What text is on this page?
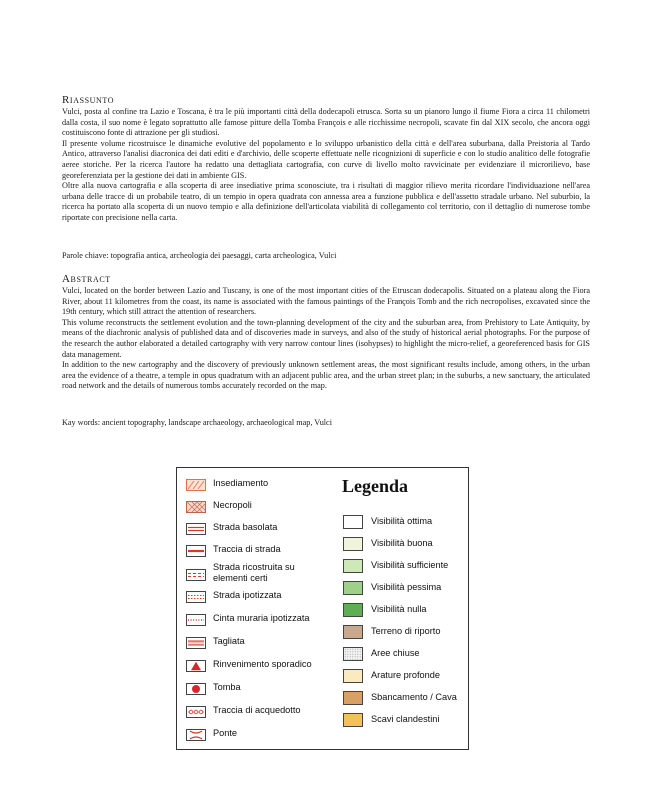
Riassunto

Vulci, posta al confine tra Lazio e Toscana, è tra le più importanti città della dodecapoli etrusca. Sorta su un pianoro lungo il fiume Fiora a circa 11 chilometri dalla costa, il suo nome è legato soprattutto alle famose pitture della Tomba François e alle ricchissime necropoli, scavate fin dal XIX secolo, che ancora oggi costituiscono fonte di attrazione per gli studiosi.

Il presente volume ricostruisce le dinamiche evolutive del popolamento e lo sviluppo urbanistico della città e dell'area suburbana, dalla Preistoria al Tardo Antico, attraverso l'analisi diacronica dei dati editi e d'archivio, delle scoperte effettuate nelle ricognizioni di superficie e con lo studio analitico delle fotografie aeree storiche. Per la ricerca l'autore ha redatto una dettagliata cartografia, con curve di livello molto ravvicinate per evidenziare il microrilievo, base georeferenziata per la gestione dei dati in ambiente GIS.

Oltre alla nuova cartografia e alla scoperta di aree insediative prima sconosciute, tra i risultati di maggior rilievo merita ricordare l'individuazione nell'area urbana delle tracce di un probabile teatro, di un tempio in opera quadrata con annessa area a funzione pubblica e dell'assetto stradale urbano. Nel suburbio, la ricerca ha portato alla scoperta di un nuovo tempio e alla definizione dell'articolata viabilità di collegamento col territorio, con il dettaglio di numerose tombe riportate con precisione nella carta.

Parole chiave: topografia antica, archeologia dei paesaggi, carta archeologica, Vulci

Abstract

Vulci, located on the border between Lazio and Tuscany, is one of the most important cities of the Etruscan dodecapolis. Situated on a plateau along the Fiora River, about 11 kilometres from the coast, its name is associated with the famous paintings of the François Tomb and the rich necropolises, excavated since the 19th century, which still attract the attention of researchers.

This volume reconstructs the settlement evolution and the town-planning development of the city and the suburban area, from Prehistory to Late Antiquity, by means of the diachronic analysis of published data and of discoveries made in surveys, and also of the study of historical aerial photographs. For the purpose of the research the author elaborated a detailed cartography with very narrow contour lines (isohypses) to highlight the micro-relief, a georeferenced basis for GIS data management.

In addition to the new cartography and the discovery of previously unknown settlement areas, the most significant results include, among others, in the urban area the evidence of a theatre, a temple in opus quadratum with an adjacent public area, and the urban street plan; in the suburbs, a new sanctuary, the articulated road network and the details of numerous tombs accurately recorded on the map.

Kay words: ancient topography, landscape archaeology, archaeological map, Vulci

Legenda
Insediamento
Necropoli
Strada basolata
Traccia di strada
Strada ricostruita su elementi certi
Strada ipotizzata
Cinta muraria ipotizzata
Tagliata
Rinvenimento sporadico
Tomba
Traccia di acquedotto
Ponte
Visibilità ottima
Visibilità buona
Visibilità sufficiente
Visibilità pessima
Visibilità nulla
Terreno di riporto
Aree chiuse
Arature profonde
Sbancamento / Cava
Scavi clandestini
